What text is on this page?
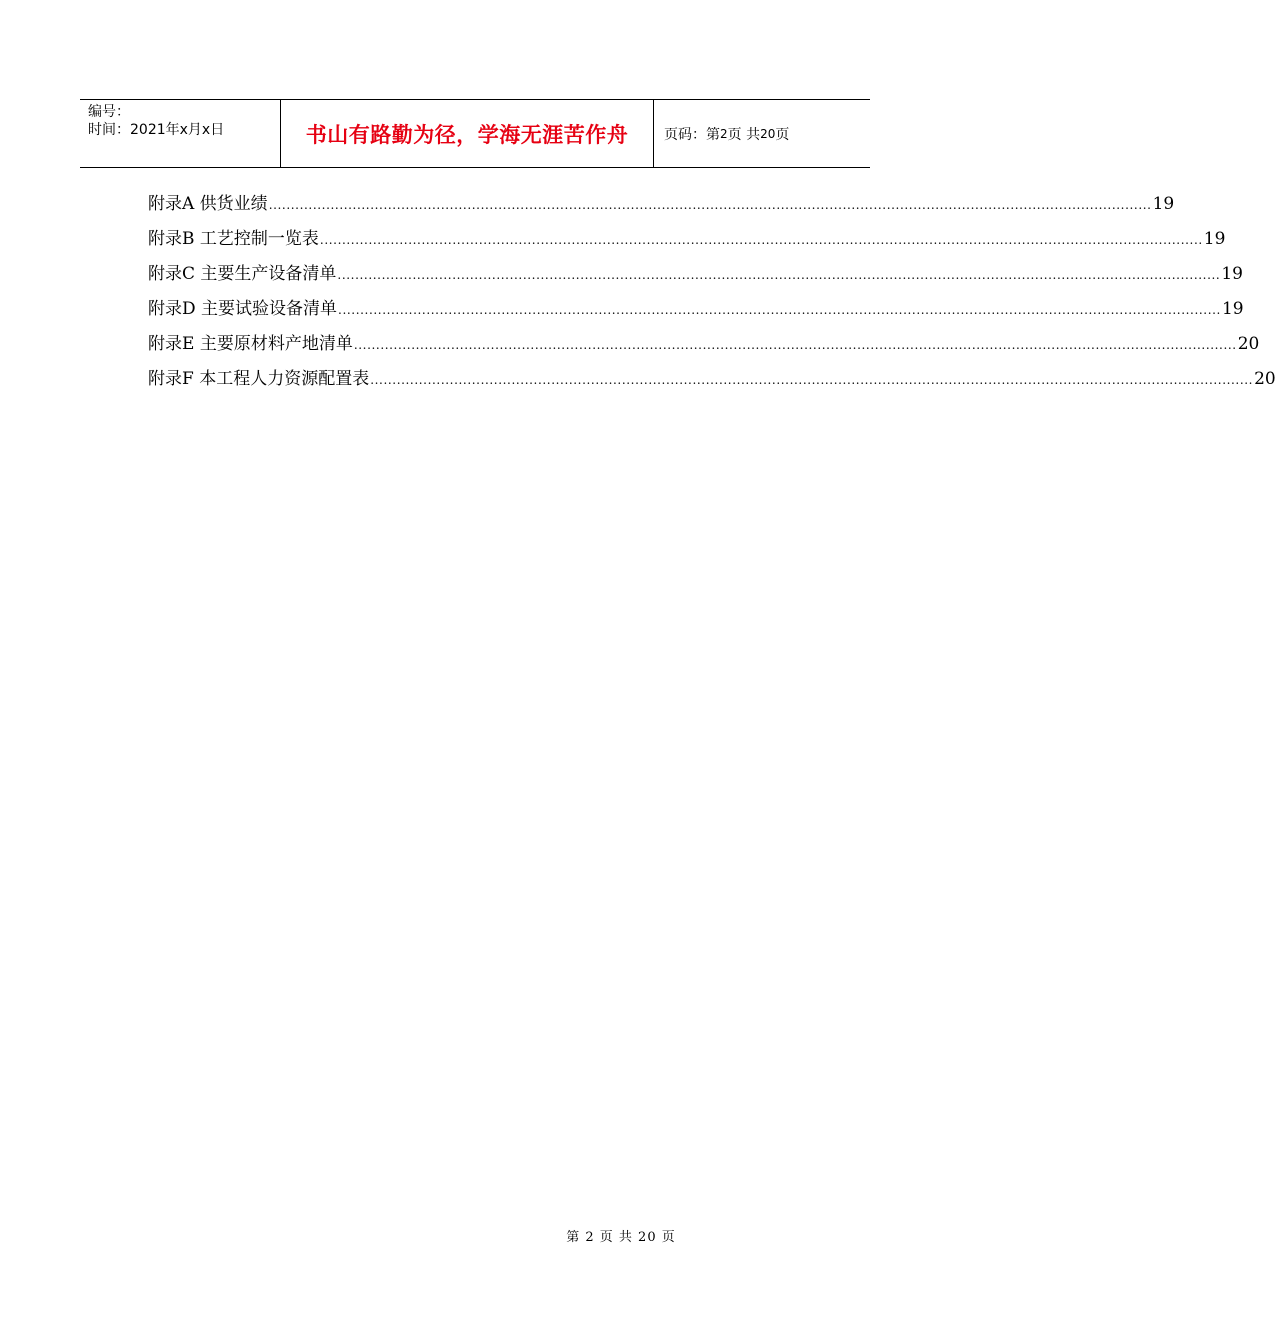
编号：
时间：2021年x月x日	书山有路勤为径，学海无涯苦作舟	页码：第 2 页 共 20 页
附录A 供货业绩 ........................................................................................................................................................................................................ 19
附录B 工艺控制一览表 ........................................................................................................................................................................................................ 19
附录C 主要生产设备清单 ........................................................................................................................................................................................................ 19
附录D 主要试验设备清单 ........................................................................................................................................................................................................ 19
附录E 主要原材料产地清单 ........................................................................................................................................................................................................ 20
附录F 本工程人力资源配置表 ........................................................................................................................................................................................................ 20
第 2 页 共 20 页
